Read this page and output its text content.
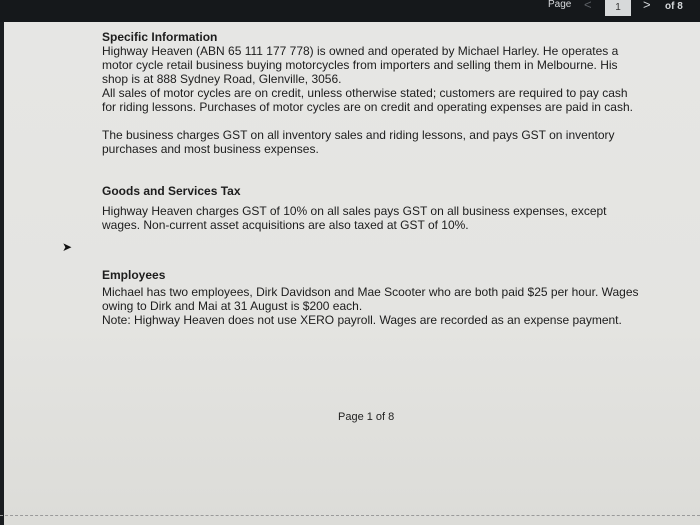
Page <	1	> of 8
Specific Information

Highway Heaven (ABN 65 111 177 778) is owned and operated by Michael Harley. He operates a motor cycle retail business buying motorcycles from importers and selling them in Melbourne. His shop is at 888 Sydney Road, Glenville, 3056.

All sales of motor cycles are on credit, unless otherwise stated; customers are required to pay cash for riding lessons. Purchases of motor cycles are on credit and operating expenses are paid in cash.

The business charges GST on all inventory sales and riding lessons, and pays GST on inventory purchases and most business expenses.

Goods and Services Tax

Highway Heaven charges GST of 10% on all sales pays GST on all business expenses, except wages. Non-current asset acquisitions are also taxed at GST of 10%.

Employees

Michael has two employees, Dirk Davidson and Mae Scooter who are both paid $25 per hour. Wages owing to Dirk and Mai at 31 August is $200 each.

Note: Highway Heaven does not use XERO payroll. Wages are recorded as an expense payment.

➤
Page 1 of 8
